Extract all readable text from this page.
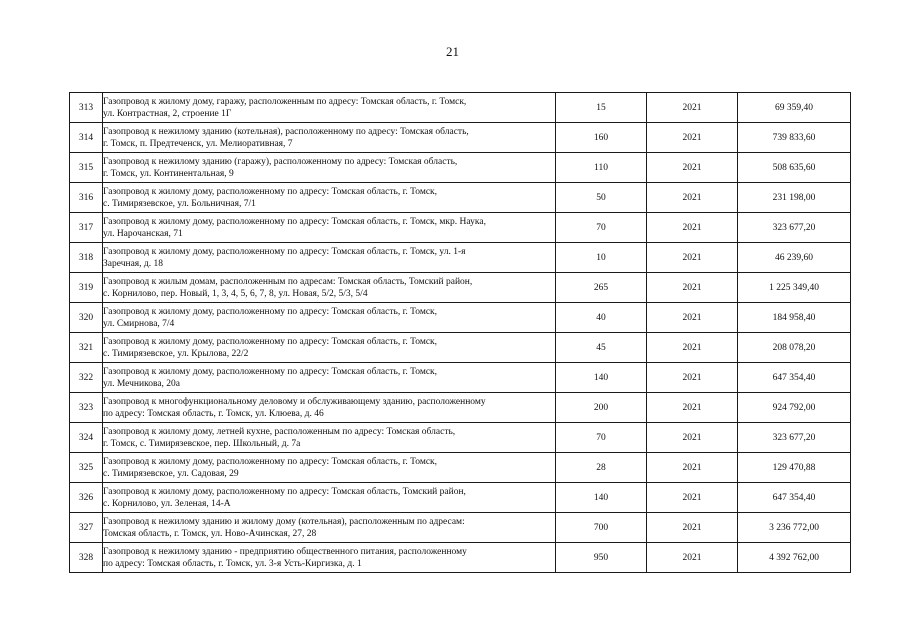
21
313	Газопровод к жилому дому, гаражу, расположенным по адресу: Томская область, г. Томск,
ул. Контрастная, 2, строение 1Г	15	2021	69 359,40
314	Газопровод к нежилому зданию (котельная), расположенному по адресу: Томская область,
г. Томск, п. Предтеченск, ул. Мелиоративная, 7	160	2021	739 833,60
315	Газопровод к нежилому зданию (гаражу), расположенному по адресу: Томская область,
г. Томск, ул. Континентальная, 9	110	2021	508 635,60
316	Газопровод к жилому дому, расположенному по адресу: Томская область, г. Томск,
с. Тимирязевское, ул. Больничная, 7/1	50	2021	231 198,00
317	Газопровод к жилому дому, расположенному по адресу: Томская область, г. Томск, мкр. Наука,
ул. Нарочанская, 71	70	2021	323 677,20
318	Газопровод к жилому дому, расположенному по адресу: Томская область, г. Томск, ул. 1-я
Заречная, д. 18	10	2021	46 239,60
319	Газопровод к жилым домам, расположенным по адресам: Томская область, Томский район,
с. Корнилово, пер. Новый, 1, 3, 4, 5, 6, 7, 8, ул. Новая, 5/2, 5/3, 5/4	265	2021	1 225 349,40
320	Газопровод к жилому дому, расположенному по адресу: Томская область, г. Томск,
ул. Смирнова, 7/4	40	2021	184 958,40
321	Газопровод к жилому дому, расположенному по адресу: Томская область, г. Томск,
с. Тимирязевское, ул. Крылова, 22/2	45	2021	208 078,20
322	Газопровод к жилому дому, расположенному по адресу: Томская область, г. Томск,
ул. Мечникова, 20а	140	2021	647 354,40
323	Газопровод к многофункциональному деловому и обслуживающему зданию, расположенному
по адресу: Томская область, г. Томск, ул. Клюева, д. 46	200	2021	924 792,00
324	Газопровод к жилому дому, летней кухне, расположенным по адресу: Томская область,
г. Томск, с. Тимирязевское, пер. Школьный, д. 7а	70	2021	323 677,20
325	Газопровод к жилому дому, расположенному по адресу: Томская область, г. Томск,
с. Тимирязевское, ул. Садовая, 29	28	2021	129 470,88
326	Газопровод к жилому дому, расположенному по адресу: Томская область, Томский район,
с. Корнилово, ул. Зеленая, 14-А	140	2021	647 354,40
327	Газопровод к нежилому зданию и жилому дому (котельная), расположенным по адресам:
Томская область, г. Томск, ул. Ново-Ачинская, 27, 28	700	2021	3 236 772,00
328	Газопровод к нежилому зданию - предприятию общественного питания, расположенному
по адресу: Томская область, г. Томск, ул. 3-я Усть-Киргизка, д. 1	950	2021	4 392 762,00
